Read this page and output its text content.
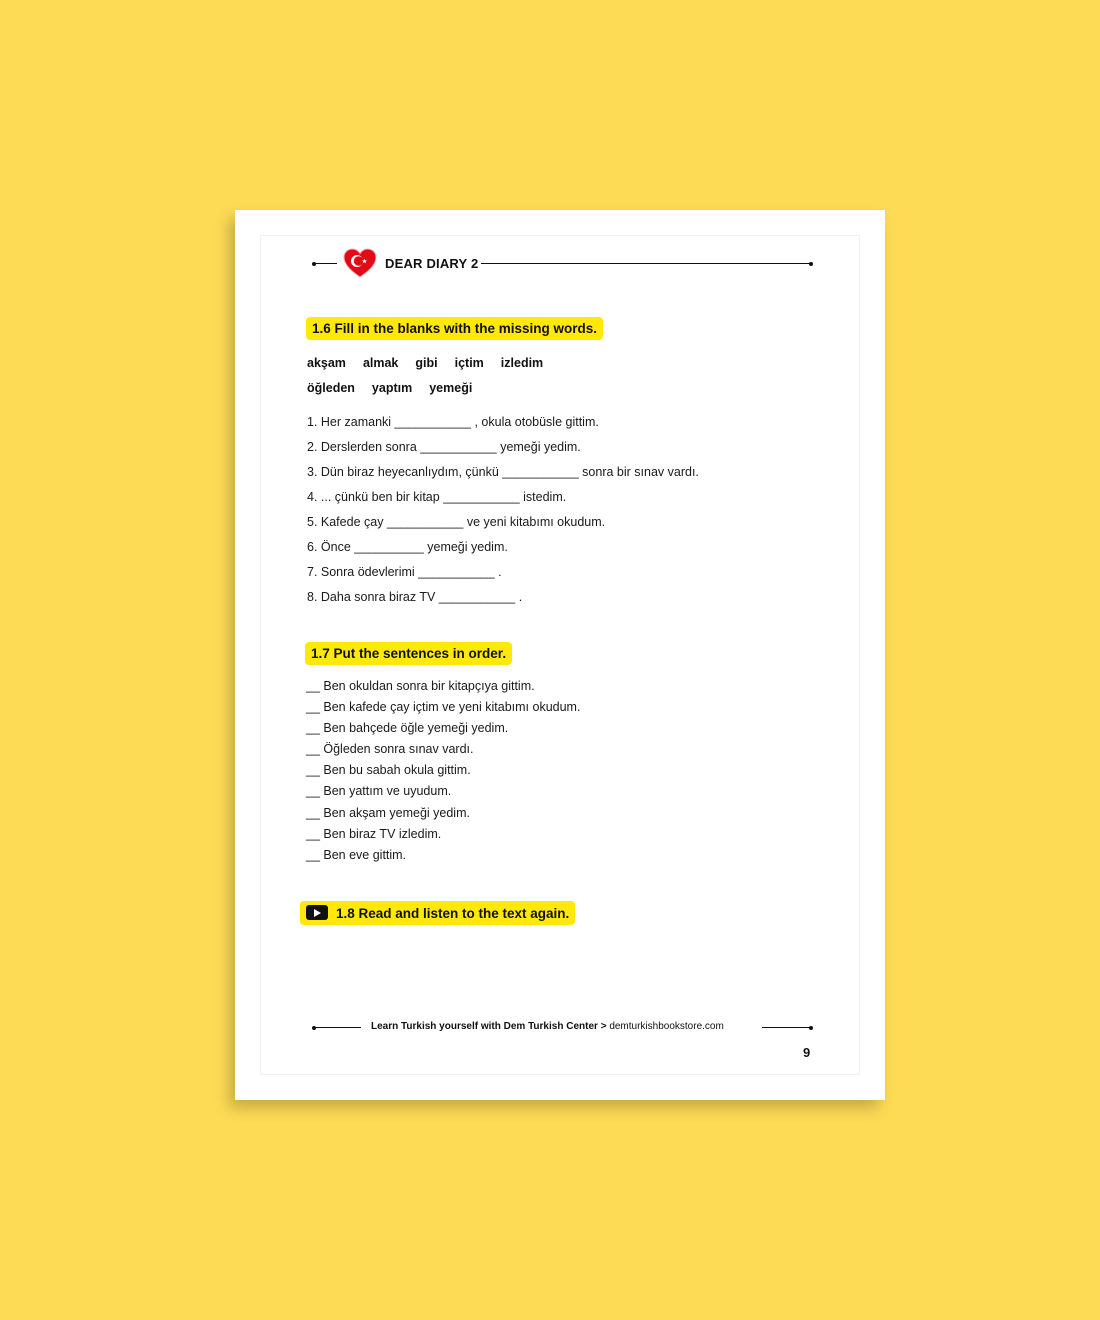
DEAR DIARY 2
1.6 Fill in the blanks with the missing words.
akşam almak gibi içtim izledim
öğleden yaptım yemeği
1. Her zamanki ___________ , okula otobüsle gittim.
2. Derslerden sonra ___________ yemeği yedim.
3. Dün biraz heyecanlıydım, çünkü ___________ sonra bir sınav vardı.
4. ... çünkü ben bir kitap ___________ istedim.
5. Kafede çay ___________ ve yeni kitabımı okudum.
6. Önce __________ yemeği yedim.
7. Sonra ödevlerimi ___________ .
8. Daha sonra biraz TV ___________ .
1.7 Put the sentences in order.
__ Ben okuldan sonra bir kitapçıya gittim.
__ Ben kafede çay içtim ve yeni kitabımı okudum.
__ Ben bahçede öğle yemeği yedim.
__ Öğleden sonra sınav vardı.
__ Ben bu sabah okula gittim.
__ Ben yattım ve uyudum.
__ Ben akşam yemeği yedim.
__ Ben biraz TV izledim.
__ Ben eve gittim.
1.8 Read and listen to the text again.
Learn Turkish yourself with Dem Turkish Center > demturkishbookstore.com
9
